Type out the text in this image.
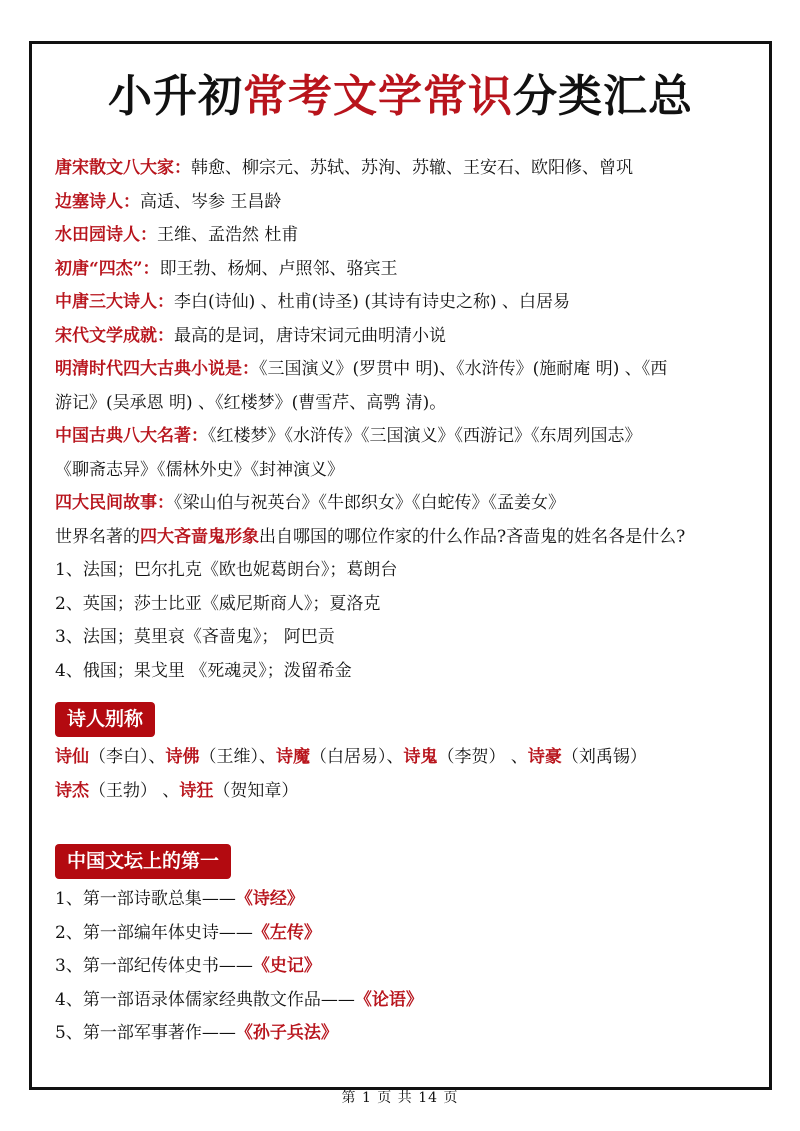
小升初常考文学常识分类汇总
唐宋散文八大家：韩愈、柳宗元、苏轼、苏洵、苏辙、王安石、欧阳修、曾巩
边塞诗人：高适、岑参 王昌龄
水田园诗人：王维、孟浩然 杜甫
初唐“四杰”：即王勃、杨炯、卢照邻、骆宾王
中唐三大诗人：李白(诗仙) 、杜甫(诗圣) (其诗有诗史之称) 、白居易
宋代文学成就：最高的是词，唐诗宋词元曲明清小说
明清时代四大古典小说是：《三国演义》(罗贯中 明)、《水浒传》(施耐庵 明) 、《西
游记》(吴承恩 明) 、《红楼梦》(曹雪芹、高鹗 清)。
中国古典八大名著：《红楼梦》《水浒传》《三国演义》《西游记》《东周列国志》
《聊斋志异》《儒林外史》《封神演义》
四大民间故事：《梁山伯与祝英台》《牛郎织女》《白蛇传》《孟姜女》
世界名著的四大吝啬鬼形象出自哪国的哪位作家的什么作品?吝啬鬼的姓名各是什么?
1、法国；巴尔扎克《欧也妮葛朗台》；葛朗台
2、英国；莎士比亚《威尼斯商人》；夏洛克
3、法国；莫里哀《吝啬鬼》； 阿巴贡
4、俄国；果戈里 《死魂灵》；泼留希金
诗人别称
诗仙（李白）、诗佛（王维）、诗魔（白居易）、诗鬼（李贺） 、诗豪（刘禹锡）
诗杰（王勃） 、诗狂（贺知章）
中国文坛上的第一
1、第一部诗歌总集——《诗经》
2、第一部编年体史诗——《左传》
3、第一部纪传体史书——《史记》
4、第一部语录体儒家经典散文作品——《论语》
5、第一部军事著作——《孙子兵法》
第 1 页 共 14 页
